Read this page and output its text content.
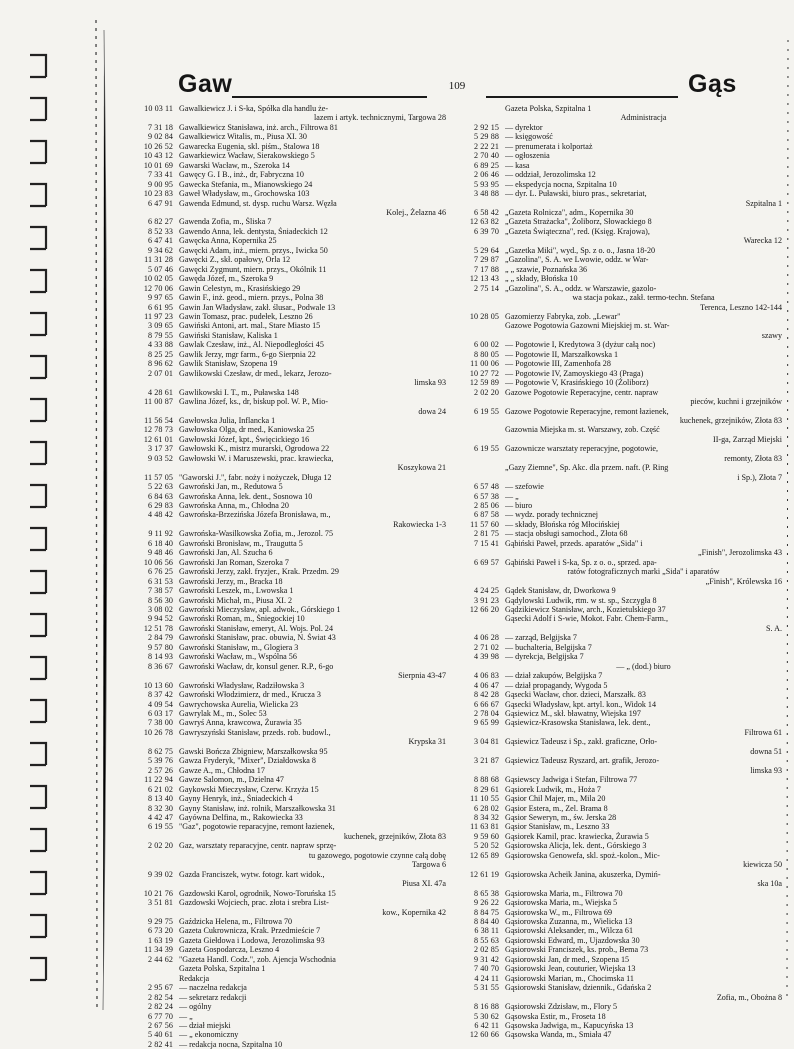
Gaw	109	Gąs
10 03 11 Gawalkiewicz J. i S-ka, Spółka dla handlu że-
lazem i artyk. technicznymi, Targowa 28
7 31 18 Gawalkiewicz Stanisława, inż. arch., Filtrowa 81
9 02 84 Gawalkiewicz Witalis, m., Piusa XI. 30
10 26 52 Gawarecka Eugenia, skl. piśm., Stalowa 18
10 43 12 Gawarkiewicz Wacław, Sierakowskiego 5
10 01 69 Gawarski Wacław, m., Szeroka 14
7 33 41 Gawęcy G. I B., inż., dr, Fabryczna 10
9 00 95 Gawecka Stefania, m., Mianowskiego 24
10 23 83 Gaweł Władysław, m., Grochowska 103
6 47 91 Gawenda Edmund, st. dysp. ruchu Warsz. Węzła
Kolej., Żelazna 46
6 82 27 Gawenda Zofia, m., Śliska 7
8 52 33 Gawendo Anna, lek. dentysta, Śniadeckich 12
6 47 41 Gawęcka Anna, Kopernika 25
9 34 62 Gawęcki Adam, inż., miern. przys., Iwicka 50
11 31 28 Gawęcki Z., skł. opałowy, Orla 12
5 07 46 Gawęcki Zygmunt, miern. przys., Okólnik 11
10 02 05 Gawęda Józef, m., Szeroka 9
12 70 06 Gawin Celestyn, m., Krasińskiego 29
9 97 65 Gawin F., inż. geod., miern. przys., Polna 38
6 61 95 Gawin Jan Władysław, zakł. ślusar., Podwale 13
11 97 23 Gawin Tomasz, prac. pudełek, Leszno 26
3 09 65 Gawiński Antoni, art. mal., Stare Miasto 15
8 79 55 Gawiński Stanisław, Kaliska 1
4 33 88 Gawlak Czesław, inż., Al. Niepodległości 45
8 25 25 Gawlik Jerzy, mgr farm., 6-go Sierpnia 22
8 96 62 Gawlik Stanisław, Szopena 19
2 07 01 Gawlikowski Czesław, dr med., lekarz, Jerozo-
limska 93
4 28 61 Gawlikowski I. T., m., Puławska 148
11 00 87 Gawlina Józef, ks., dr, biskup pol. W. P., Mio-
dowa 24
11 56 54 Gawłowska Julia, Inflancka 1
12 78 73 Gawłowska Olga, dr med., Kaniowska 25
12 61 01 Gawłowski Józef, kpt., Święcickiego 16
3 17 37 Gawłowski K., mistrz murarski, Ogrodowa 22
9 03 52 Gawłowski W. i Maruszewski, prac. krawiecka,
Koszykowa 21
11 57 05 "Gaworski J.", fabr. noży i nożyczek, Długa 12
5 22 63 Gawroński Jan, m., Redutowa 5
6 84 63 Gawrońska Anna, lek. dent., Sosnowa 10
6 29 83 Gawrońska Anna, m., Chłodna 20
4 48 42 Gawrońska-Brzezińska Józefa Bronisława, m.,
Rakowiecka 1-3
9 11 92 Gawrońska-Wasilkowska Zofia, m., Jerozol. 75
6 18 40 Gawroński Bronisław, m., Traugutta 5
9 48 46 Gawroński Jan, Al. Szucha 6
10 06 56 Gawroński Jan Roman, Szeroka 7
6 76 25 Gawroński Jerzy, zakł. fryzjer., Krak. Przedm. 29
6 31 53 Gawroński Jerzy, m., Bracka 18
7 38 57 Gawroński Leszek, m., Lwowska 1
8 56 30 Gawroński Michał, m., Piusa XI. 2
3 08 02 Gawroński Mieczysław, apl. adwok., Górskiego 1
9 94 52 Gawroński Roman, m., Śniegockiej 10
12 51 78 Gawroński Stanisław, emeryt, Al. Wojs. Pol. 24
2 84 79 Gawroński Stanisław, prac. obuwia, N. Świat 43
9 57 80 Gawroński Stanisław, m., Glogiera 3
8 14 93 Gawroński Wacław, m., Wspólna 56
8 36 67 Gawroński Wacław, dr, konsul gener. R.P., 6-go
Sierpnia 43-47
10 13 60 Gawroński Władysław, Radziłowska 3
8 37 42 Gawroński Włodzimierz, dr med., Krucza 3
4 09 54 Gawrychowska Aurelia, Wielicka 23
6 03 17 Gawrylak M., m., Solec 53
7 38 00 Gawryś Anna, krawcowa, Żurawia 35
10 26 78 Gawryszyński Stanisław, przeds. rob. budowl.,
Krypska 31
8 62 75 Gawski Bończa Zbigniew, Marszałkowska 95
5 39 76 Gawza Fryderyk, "Mixer", Działdowska 8
2 57 26 Gawze A., m., Chłodna 17
11 22 94 Gawze Salomon, m., Dzielna 47
6 21 02 Gaykowski Mieczysław, Czerw. Krzyża 15
8 13 40 Gayny Henryk, inż., Śniadeckich 4
8 32 30 Gayny Stanisław, inż. rolnik, Marszałkowska 31
4 42 47 Gayówna Delfina, m., Rakowiecka 33
6 19 55 "Gaz", pogotowie reparacyjne, remont łazienek,
kuchenek, grzejników, Złota 83
2 02 20 Gaz, warsztaty reparacyjne, centr. napraw sprzę-
tu gazowego, pogotowie czynne całą dobę
Targowa 6
9 39 02 Gazda Franciszek, wytw. fotogr. kart widok.,
Piusa XI. 47a
10 21 76 Gazdowski Karol, ogrodnik, Nowo-Toruńska 15
3 51 81 Gazdowski Wojciech, prac. złota i srebra List-
kow., Kopernika 42
9 29 75 Gaździcka Helena, m., Filtrowa 70
6 73 20 Gazeta Cukrownicza, Krak. Przedmieście 7
1 63 19 Gazeta Giełdowa i Lodowa, Jerozolimska 93
11 34 39 Gazeta Gospodarcza, Leszno 4
2 44 62 "Gazeta Handl. Codz.", zob. Ajencja Wschodnia
Gazeta Polska, Szpitalna 1
Redakcja
2 95 67 — naczelna redakcja
2 82 54 — sekretarz redakcji
2 82 24 — ogólny
6 77 70 — „
2 67 56 — dział miejski
5 40 61 — „ ekonomiczny
2 82 41 — redakcja nocna, Szpitalna 10
Gazeta Polska, Szpitalna 1
Administracja
2 92 15 — dyrektor
5 29 88 — księgowość
2 22 21 — prenumerata i kolportaż
2 70 40 — ogłoszenia
6 89 25 — kasa
2 06 46 — oddział, Jerozolimska 12
5 93 95 — ekspedycja nocna, Szpitalna 10
3 48 88 — dyr. L. Puławski, biuro pras., sekretariat,
Szpitalna 1
6 58 42 „Gazeta Rolnicza", adm., Kopernika 30
12 63 82 „Gazeta Strażacka", Żoliborz, Słowackiego 8
6 39 70 „Gazeta Świąteczna", red. (Księg. Krajowa),
Warecka 12
5 29 64 „Gazetka Miki", wyd., Sp. z o. o., Jasna 18-20
7 29 87 „Gazolina", S. A. we Lwowie, oddz. w War-
7 17 88 „ „ szawie, Poznańska 36
12 13 43 „ „ składy, Błońska 10
2 75 14 „Gazolina", S. A., oddz. w Warszawie, gazolo-
wa stacja pokaz., zakł. termo-techn. Stefana
Terenca, Leszno 142-144
10 28 05 Gazomierzy Fabryka, zob. „Lewar"
Gazowe Pogotowia Gazowni Miejskiej m. st. War-
szawy
6 00 02 — Pogotowie I, Kredytowa 3 (dyżur całą noc)
8 80 05 — Pogotowie II, Marszałkowska 1
11 00 06 — Pogotowie III, Zamenhofa 28
10 27 72 — Pogotowie IV, Zamoyskiego 43 (Praga)
12 59 89 — Pogotowie V, Krasińskiego 10 (Żoliborz)
2 02 20 Gazowe Pogotowie Reperacyjne, centr. napraw
pieców, kuchni i grzejników
6 19 55 Gazowe Pogotowie Reperacyjne, remont łazienek,
kuchenek, grzejników, Złota 83
Gazownia Miejska m. st. Warszawy, zob. Część
II-ga, Zarząd Miejski
6 19 55 Gazownicze warsztaty reperacyjne, pogotowie,
remonty, Złota 83
„Gazy Ziemne", Sp. Akc. dla przem. naft. (P. Ring
i Sp.), Złota 7
6 57 48 — szefowie
6 57 38 — „
2 85 06 — biuro
6 87 58 — wydz. porady technicznej
11 57 60 — składy, Błońska róg Młocińskiej
2 81 75 — stacja obsługi samochod., Złota 68
7 15 41 Gąbiński Paweł, przeds. aparatów „Sida" i
„Finish", Jerozolimska 43
6 69 57 Gąbiński Paweł i S-ka, Sp. z o. o., sprzed. apa-
ratów fotograficznych marki „Sida" i aparatów
„Finish", Królewska 16
4 24 25 Gądek Stanisław, dr, Dworkowa 9
3 91 23 Gądylowski Ludwik, rtm. w st. sp., Szczygła 8
12 66 20 Gądzikiewicz Stanisław, arch., Kozietulskiego 37
Gąsecki Adolf i S-wie, Mokot. Fabr. Chem-Farm.,
S. A.
4 06 28 — zarząd, Belgijska 7
2 71 02 — buchalteria, Belgijska 7
4 39 98 — dyrekcja, Belgijska 7
— „ (dod.) biuro
4 06 83 — dział zakupów, Belgijska 7
4 06 47 — dział propagandy, Wygoda 5
8 42 28 Gąsecki Wacław, chor. dzieci, Marszałk. 83
6 66 67 Gąsecki Władysław, kpt. artyl. kon., Widok 14
2 78 04 Gąsiewicz M., skł. bławatny, Wiejska 197
9 65 99 Gąsiewicz-Krasowska Stanisława, lek. dent.,
Filtrowa 61
3 04 81 Gąsiewicz Tadeusz i Sp., zakł. graficzne, Orło-
downa 51
3 21 87 Gąsiewicz Tadeusz Ryszard, art. grafik, Jerozo-
limska 93
8 88 68 Gąsiewscy Jadwiga i Stefan, Filtrowa 77
8 29 61 Gąsiorek Ludwik, m., Hoża 7
11 10 55 Gąsior Chil Majer, m., Mila 20
6 28 02 Gąsior Estera, m., Zel. Brama 8
8 34 32 Gąsior Seweryn, m., św. Jerska 28
11 63 81 Gąsior Stanisław, m., Leszno 33
9 59 60 Gąsiorek Kamil, prac. krawiecka, Żurawia 5
5 20 52 Gąsiorowska Alicja, lek. dent., Górskiego 3
12 65 89 Gąsiorowska Genowefa, skl. spoż.-kolon., Mic-
kiewicza 50
12 61 19 Gąsiorowska Acheik Janina, akuszerka, Dymiń-
ska 10a
8 65 38 Gąsiorowska Maria, m., Filtrowa 70
9 26 22 Gąsiorowska Maria, m., Wiejska 5
8 84 75 Gąsiorowska W., m., Filtrowa 69
8 84 40 Gąsiorowska Zuzanna, m., Wielicka 13
6 38 11 Gąsiorowski Aleksander, m., Wilcza 61
8 55 63 Gąsiorowski Edward, m., Ujazdowska 30
2 02 85 Gąsiorowski Franciszek, ks. prob., Bema 73
9 31 42 Gąsiorowski Jan, dr med., Szopena 15
7 40 70 Gąsiorowski Jean, couturier, Wiejska 13
4 24 11 Gąsiorowski Marian, m., Chocimska 11
5 31 55 Gąsiorowski Stanisław, dziennik., Gdańska 2
Zofia, m., Obożna 8
8 16 88 Gąsiorowski Zdzisław, m., Flory 5
5 30 62 Gąsowska Estir, m., Froseta 18
6 42 11 Gąsowska Jadwiga, m., Kapucyńska 13
12 60 66 Gąsowska Wanda, m., Smiała 47
